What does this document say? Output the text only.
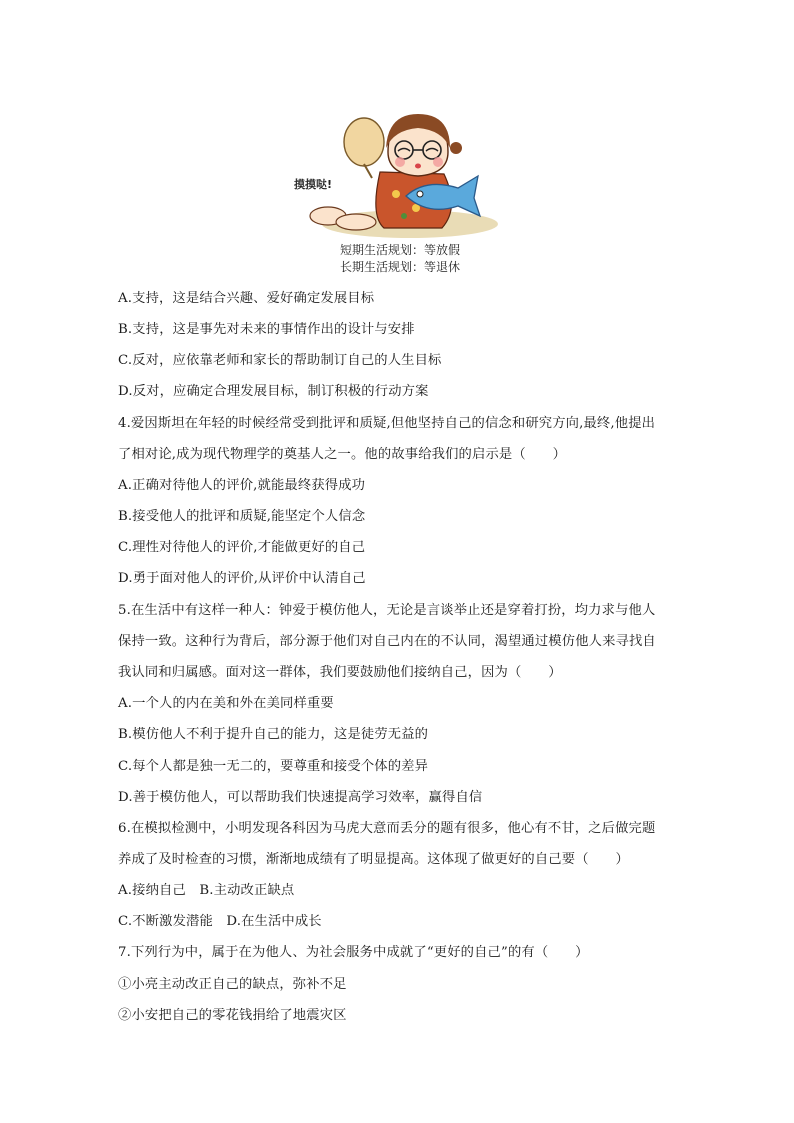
摸摸哒!
短期生活规划：等放假
长期生活规划：等退休
A.支持，这是结合兴趣、爱好确定发展目标
B.支持，这是事先对未来的事情作出的设计与安排
C.反对，应依靠老师和家长的帮助制订自己的人生目标
D.反对，应确定合理发展目标，制订积极的行动方案
4.爱因斯坦在年轻的时候经常受到批评和质疑,但他坚持自己的信念和研究方向,最终,他提出
了相对论,成为现代物理学的奠基人之一。他的故事给我们的启示是（　　）
A.正确对待他人的评价,就能最终获得成功
B.接受他人的批评和质疑,能坚定个人信念
C.理性对待他人的评价,才能做更好的自己
D.勇于面对他人的评价,从评价中认清自己
5.在生活中有这样一种人：钟爱于模仿他人，无论是言谈举止还是穿着打扮，均力求与他人
保持一致。这种行为背后，部分源于他们对自己内在的不认同，渴望通过模仿他人来寻找自
我认同和归属感。面对这一群体，我们要鼓励他们接纳自己，因为（　　）
A.一个人的内在美和外在美同样重要
B.模仿他人不利于提升自己的能力，这是徒劳无益的
C.每个人都是独一无二的，要尊重和接受个体的差异
D.善于模仿他人，可以帮助我们快速提高学习效率，赢得自信
6.在模拟检测中，小明发现各科因为马虎大意而丢分的题有很多，他心有不甘，之后做完题
养成了及时检查的习惯，渐渐地成绩有了明显提高。这体现了做更好的自己要（　　）
A.接纳自己　B.主动改正缺点
C.不断激发潜能　D.在生活中成长
7.下列行为中，属于在为他人、为社会服务中成就了“更好的自己”的有（　　）
①小亮主动改正自己的缺点，弥补不足
②小安把自己的零花钱捐给了地震灾区
